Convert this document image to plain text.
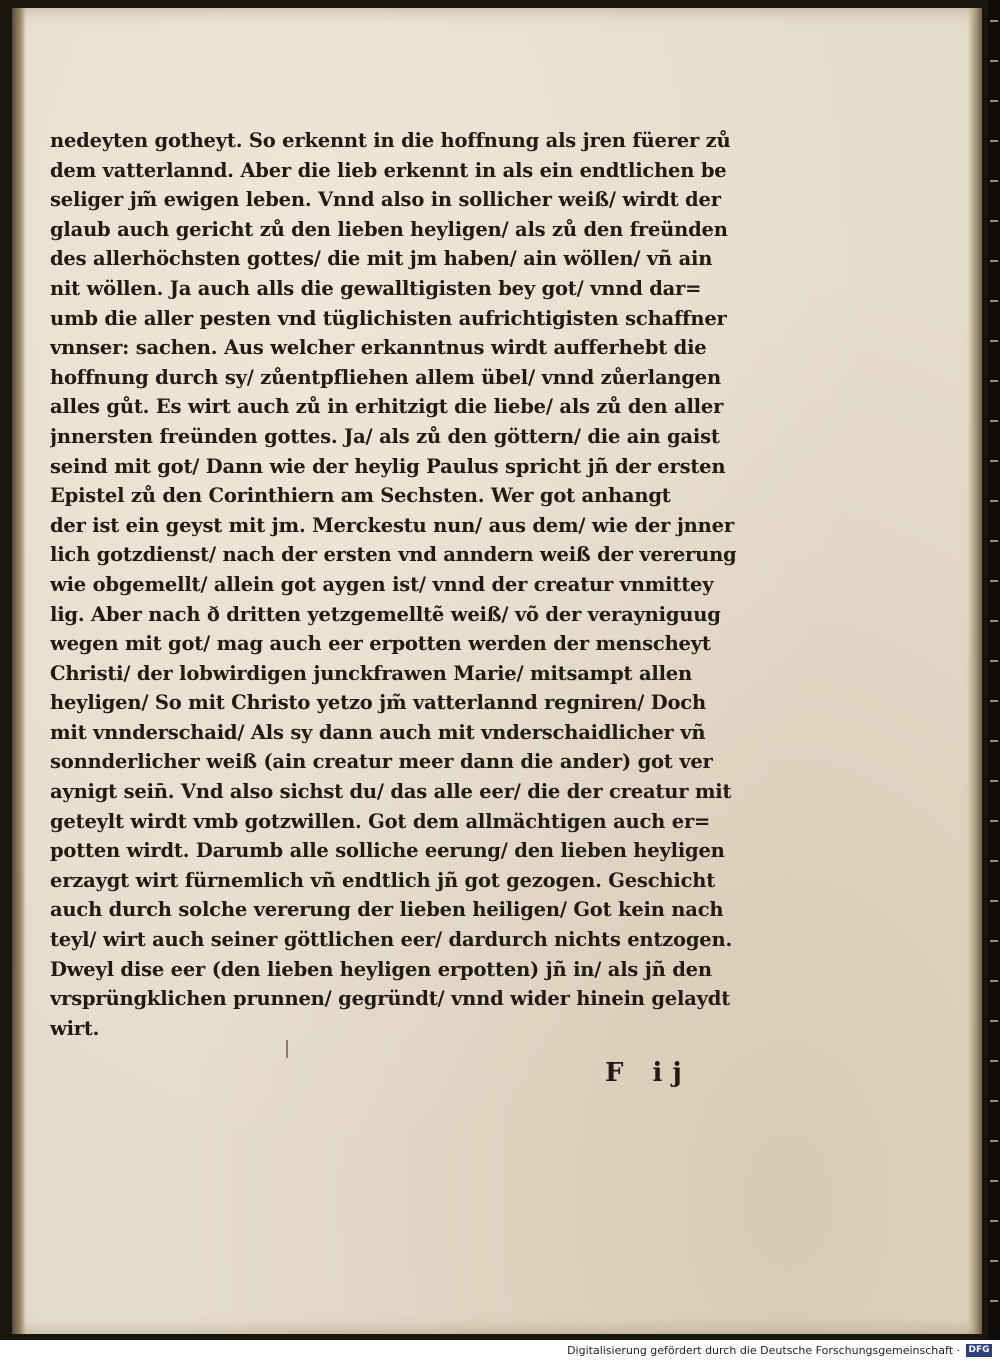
nedeyten gotheyt. So erkennt in die hoffnung als jren füerer zů
dem vatterlannd. Aber die lieb erkennt in als ein endtlichen be
seliger jm̃ ewigen leben. Vnnd also in sollicher weiß/ wirdt der
glaub auch gericht zů den lieben heyligen/ als zů den freünden
des allerhöchsten gottes/ die mit jm haben/ ain wöllen/ vñ ain
nit wöllen. Ja auch alls die gewalltigisten bey got/ vnnd dar=
umb die aller pesten vnd tüglichisten aufrichtigisten schaffner
vnnser: sachen. Aus welcher erkanntnus wirdt aufferhebt die
hoffnung durch sy/ zůentpfliehen allem übel/ vnnd zůerlangen
alles gůt. Es wirt auch zů in erhitzigt die liebe/ als zů den aller
jnnersten freünden gottes. Ja/ als zů den göttern/ die ain gaist
seind mit got/ Dann wie der heylig Paulus spricht jñ der ersten
Epistel zů den Corinthiern am Sechsten. Wer got anhangt
der ist ein geyst mit jm. Merckestu nun/ aus dem/ wie der jnner
lich gotzdienst/ nach der ersten vnd anndern weiß der vererung
wie obgemellt/ allein got aygen ist/ vnnd der creatur vnmittey
lig. Aber nach ð dritten yetzgemelltẽ weiß/ võ der verayniguug
wegen mit got/ mag auch eer erpotten werden der menscheyt
Christi/ der lobwirdigen junckfrawen Marie/ mitsampt allen
heyligen/ So mit Christo yetzo jm̃ vatterlannd regniren/ Doch
mit vnnderschaid/ Als sy dann auch mit vnderschaidlicher vñ
sonnderlicher weiß (ain creatur meer dann die ander) got ver
aynigt sein̄. Vnd also sichst du/ das alle eer/ die der creatur mit
geteylt wirdt vmb gotzwillen. Got dem allmächtigen auch er=
potten wirdt. Darumb alle solliche eerung/ den lieben heyligen
erzaygt wirt fürnemlich vñ endtlich jñ got gezogen. Geschicht
auch durch solche vererung der lieben heiligen/ Got kein nach
teyl/ wirt auch seiner göttlichen eer/ dardurch nichts entzogen.
Dweyl dise eer (den lieben heyligen erpotten) jñ in/ als jñ den
vrsprüngklichen prunnen/ gegründt/ vnnd wider hinein gelaydt
wirt.
F ij
Digitalisierung gefördert durch die Deutsche Forschungsgemeinschaft · DFG
